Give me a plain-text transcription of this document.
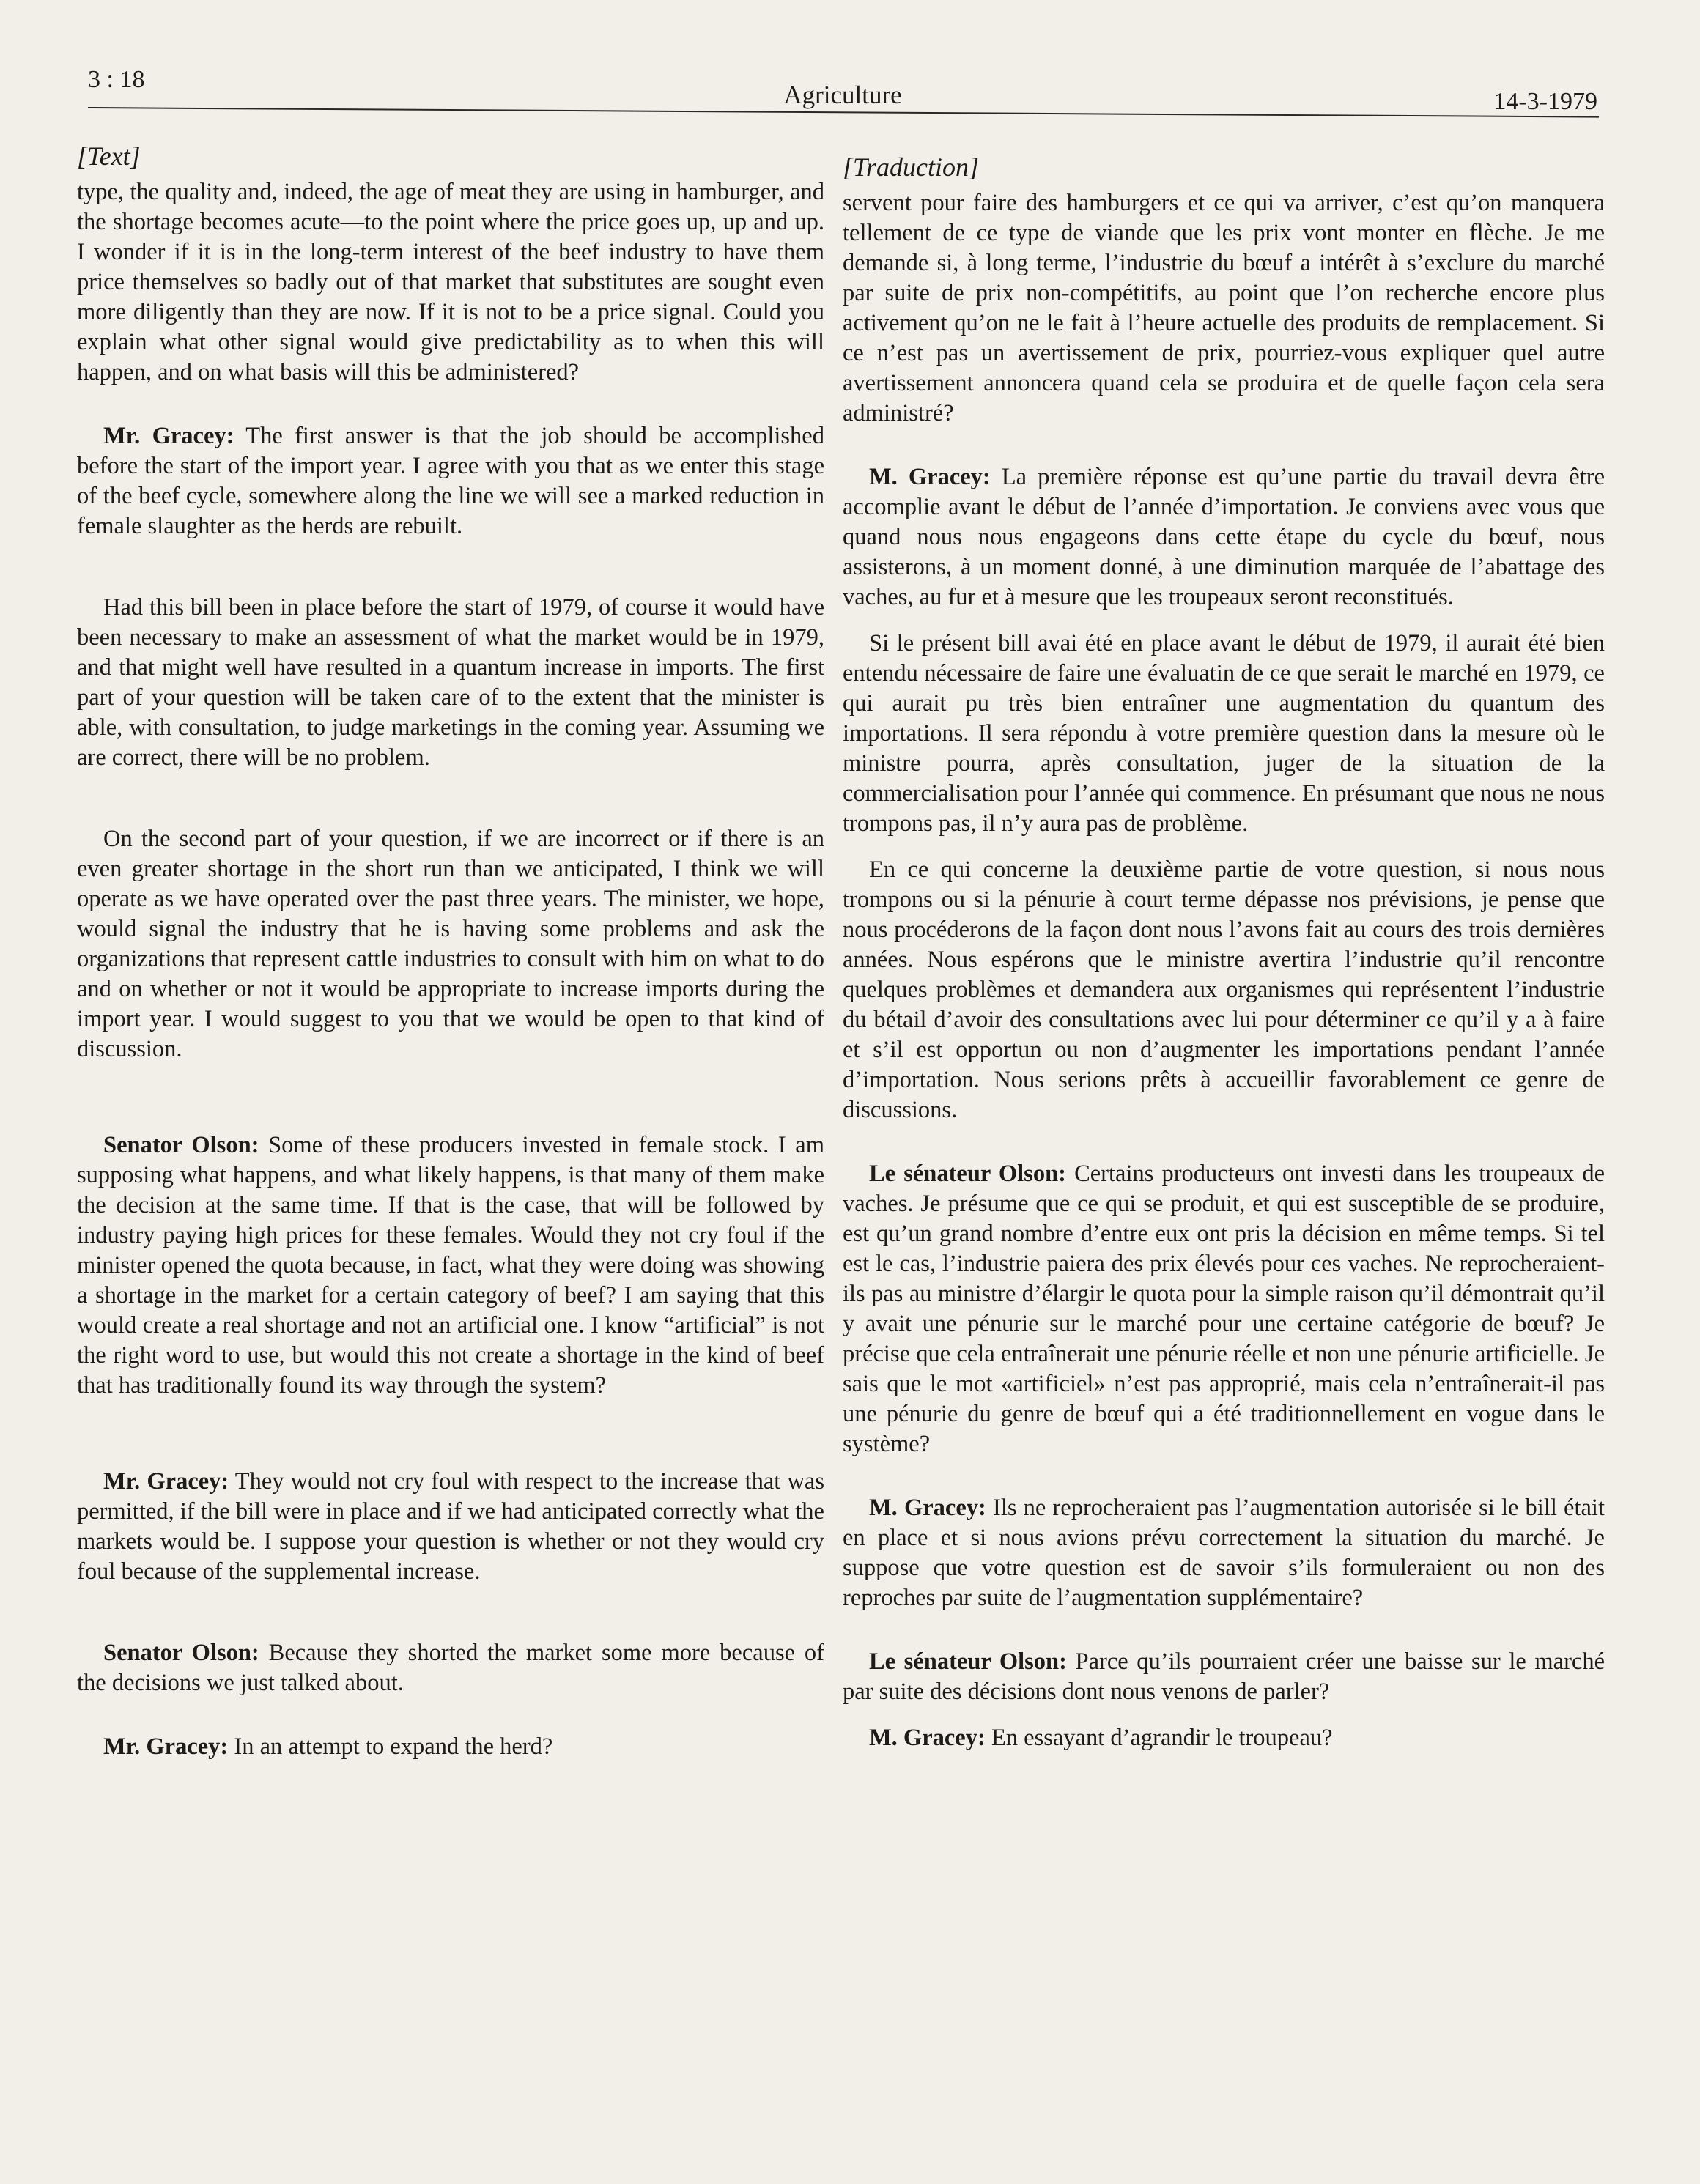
3 : 18
Agriculture	14-3-1979
[Text]

type, the quality and, indeed, the age of meat they are using in hamburger, and the shortage becomes acute—to the point where the price goes up, up and up. I wonder if it is in the long-term interest of the beef industry to have them price themselves so badly out of that market that substitutes are sought even more diligently than they are now. If it is not to be a price signal. Could you explain what other signal would give predictability as to when this will happen, and on what basis will this be administered?

Mr. Gracey: The first answer is that the job should be accomplished before the start of the import year. I agree with you that as we enter this stage of the beef cycle, somewhere along the line we will see a marked reduction in female slaughter as the herds are rebuilt.

Had this bill been in place before the start of 1979, of course it would have been necessary to make an assessment of what the market would be in 1979, and that might well have resulted in a quantum increase in imports. The first part of your question will be taken care of to the extent that the minister is able, with consultation, to judge marketings in the coming year. Assuming we are correct, there will be no problem.

On the second part of your question, if we are incorrect or if there is an even greater shortage in the short run than we anticipated, I think we will operate as we have operated over the past three years. The minister, we hope, would signal the industry that he is having some problems and ask the organizations that represent cattle industries to consult with him on what to do and on whether or not it would be appropriate to increase imports during the import year. I would suggest to you that we would be open to that kind of discussion.

Senator Olson: Some of these producers invested in female stock. I am supposing what happens, and what likely happens, is that many of them make the decision at the same time. If that is the case, that will be followed by industry paying high prices for these females. Would they not cry foul if the minister opened the quota because, in fact, what they were doing was showing a shortage in the market for a certain category of beef? I am saying that this would create a real shortage and not an artificial one. I know “artificial” is not the right word to use, but would this not create a shortage in the kind of beef that has traditionally found its way through the system?

Mr. Gracey: They would not cry foul with respect to the increase that was permitted, if the bill were in place and if we had anticipated correctly what the markets would be. I suppose your question is whether or not they would cry foul because of the supplemental increase.

Senator Olson: Because they shorted the market some more because of the decisions we just talked about.

Mr. Gracey: In an attempt to expand the herd?

[Traduction]

servent pour faire des hamburgers et ce qui va arriver, c’est qu’on manquera tellement de ce type de viande que les prix vont monter en flèche. Je me demande si, à long terme, l’industrie du bœuf a intérêt à s’exclure du marché par suite de prix non-compétitifs, au point que l’on recherche encore plus activement qu’on ne le fait à l’heure actuelle des produits de remplacement. Si ce n’est pas un avertissement de prix, pourriez-vous expliquer quel autre avertissement annoncera quand cela se produira et de quelle façon cela sera administré?

M. Gracey: La première réponse est qu’une partie du travail devra être accomplie avant le début de l’année d’importation. Je conviens avec vous que quand nous nous engageons dans cette étape du cycle du bœuf, nous assisterons, à un moment donné, à une diminution marquée de l’abattage des vaches, au fur et à mesure que les troupeaux seront reconstitués.

Si le présent bill avai été en place avant le début de 1979, il aurait été bien entendu nécessaire de faire une évaluatin de ce que serait le marché en 1979, ce qui aurait pu très bien entraîner une augmentation du quantum des importations. Il sera répondu à votre première question dans la mesure où le ministre pourra, après consultation, juger de la situation de la commercialisation pour l’année qui commence. En présumant que nous ne nous trompons pas, il n’y aura pas de problème.

En ce qui concerne la deuxième partie de votre question, si nous nous trompons ou si la pénurie à court terme dépasse nos prévisions, je pense que nous procéderons de la façon dont nous l’avons fait au cours des trois dernières années. Nous espérons que le ministre avertira l’industrie qu’il rencontre quelques problèmes et demandera aux organismes qui représentent l’industrie du bétail d’avoir des consultations avec lui pour déterminer ce qu’il y a à faire et s’il est opportun ou non d’augmenter les importations pendant l’année d’importation. Nous serions prêts à accueillir favorablement ce genre de discussions.

Le sénateur Olson: Certains producteurs ont investi dans les troupeaux de vaches. Je présume que ce qui se produit, et qui est susceptible de se produire, est qu’un grand nombre d’entre eux ont pris la décision en même temps. Si tel est le cas, l’industrie paiera des prix élevés pour ces vaches. Ne reprocheraient-ils pas au ministre d’élargir le quota pour la simple raison qu’il démontrait qu’il y avait une pénurie sur le marché pour une certaine catégorie de bœuf? Je précise que cela entraînerait une pénurie réelle et non une pénurie artificielle. Je sais que le mot «artificiel» n’est pas approprié, mais cela n’entraînerait-il pas une pénurie du genre de bœuf qui a été traditionnellement en vogue dans le système?

M. Gracey: Ils ne reprocheraient pas l’augmentation autorisée si le bill était en place et si nous avions prévu correctement la situation du marché. Je suppose que votre question est de savoir s’ils formuleraient ou non des reproches par suite de l’augmentation supplémentaire?

Le sénateur Olson: Parce qu’ils pourraient créer une baisse sur le marché par suite des décisions dont nous venons de parler?

M. Gracey: En essayant d’agrandir le troupeau?
